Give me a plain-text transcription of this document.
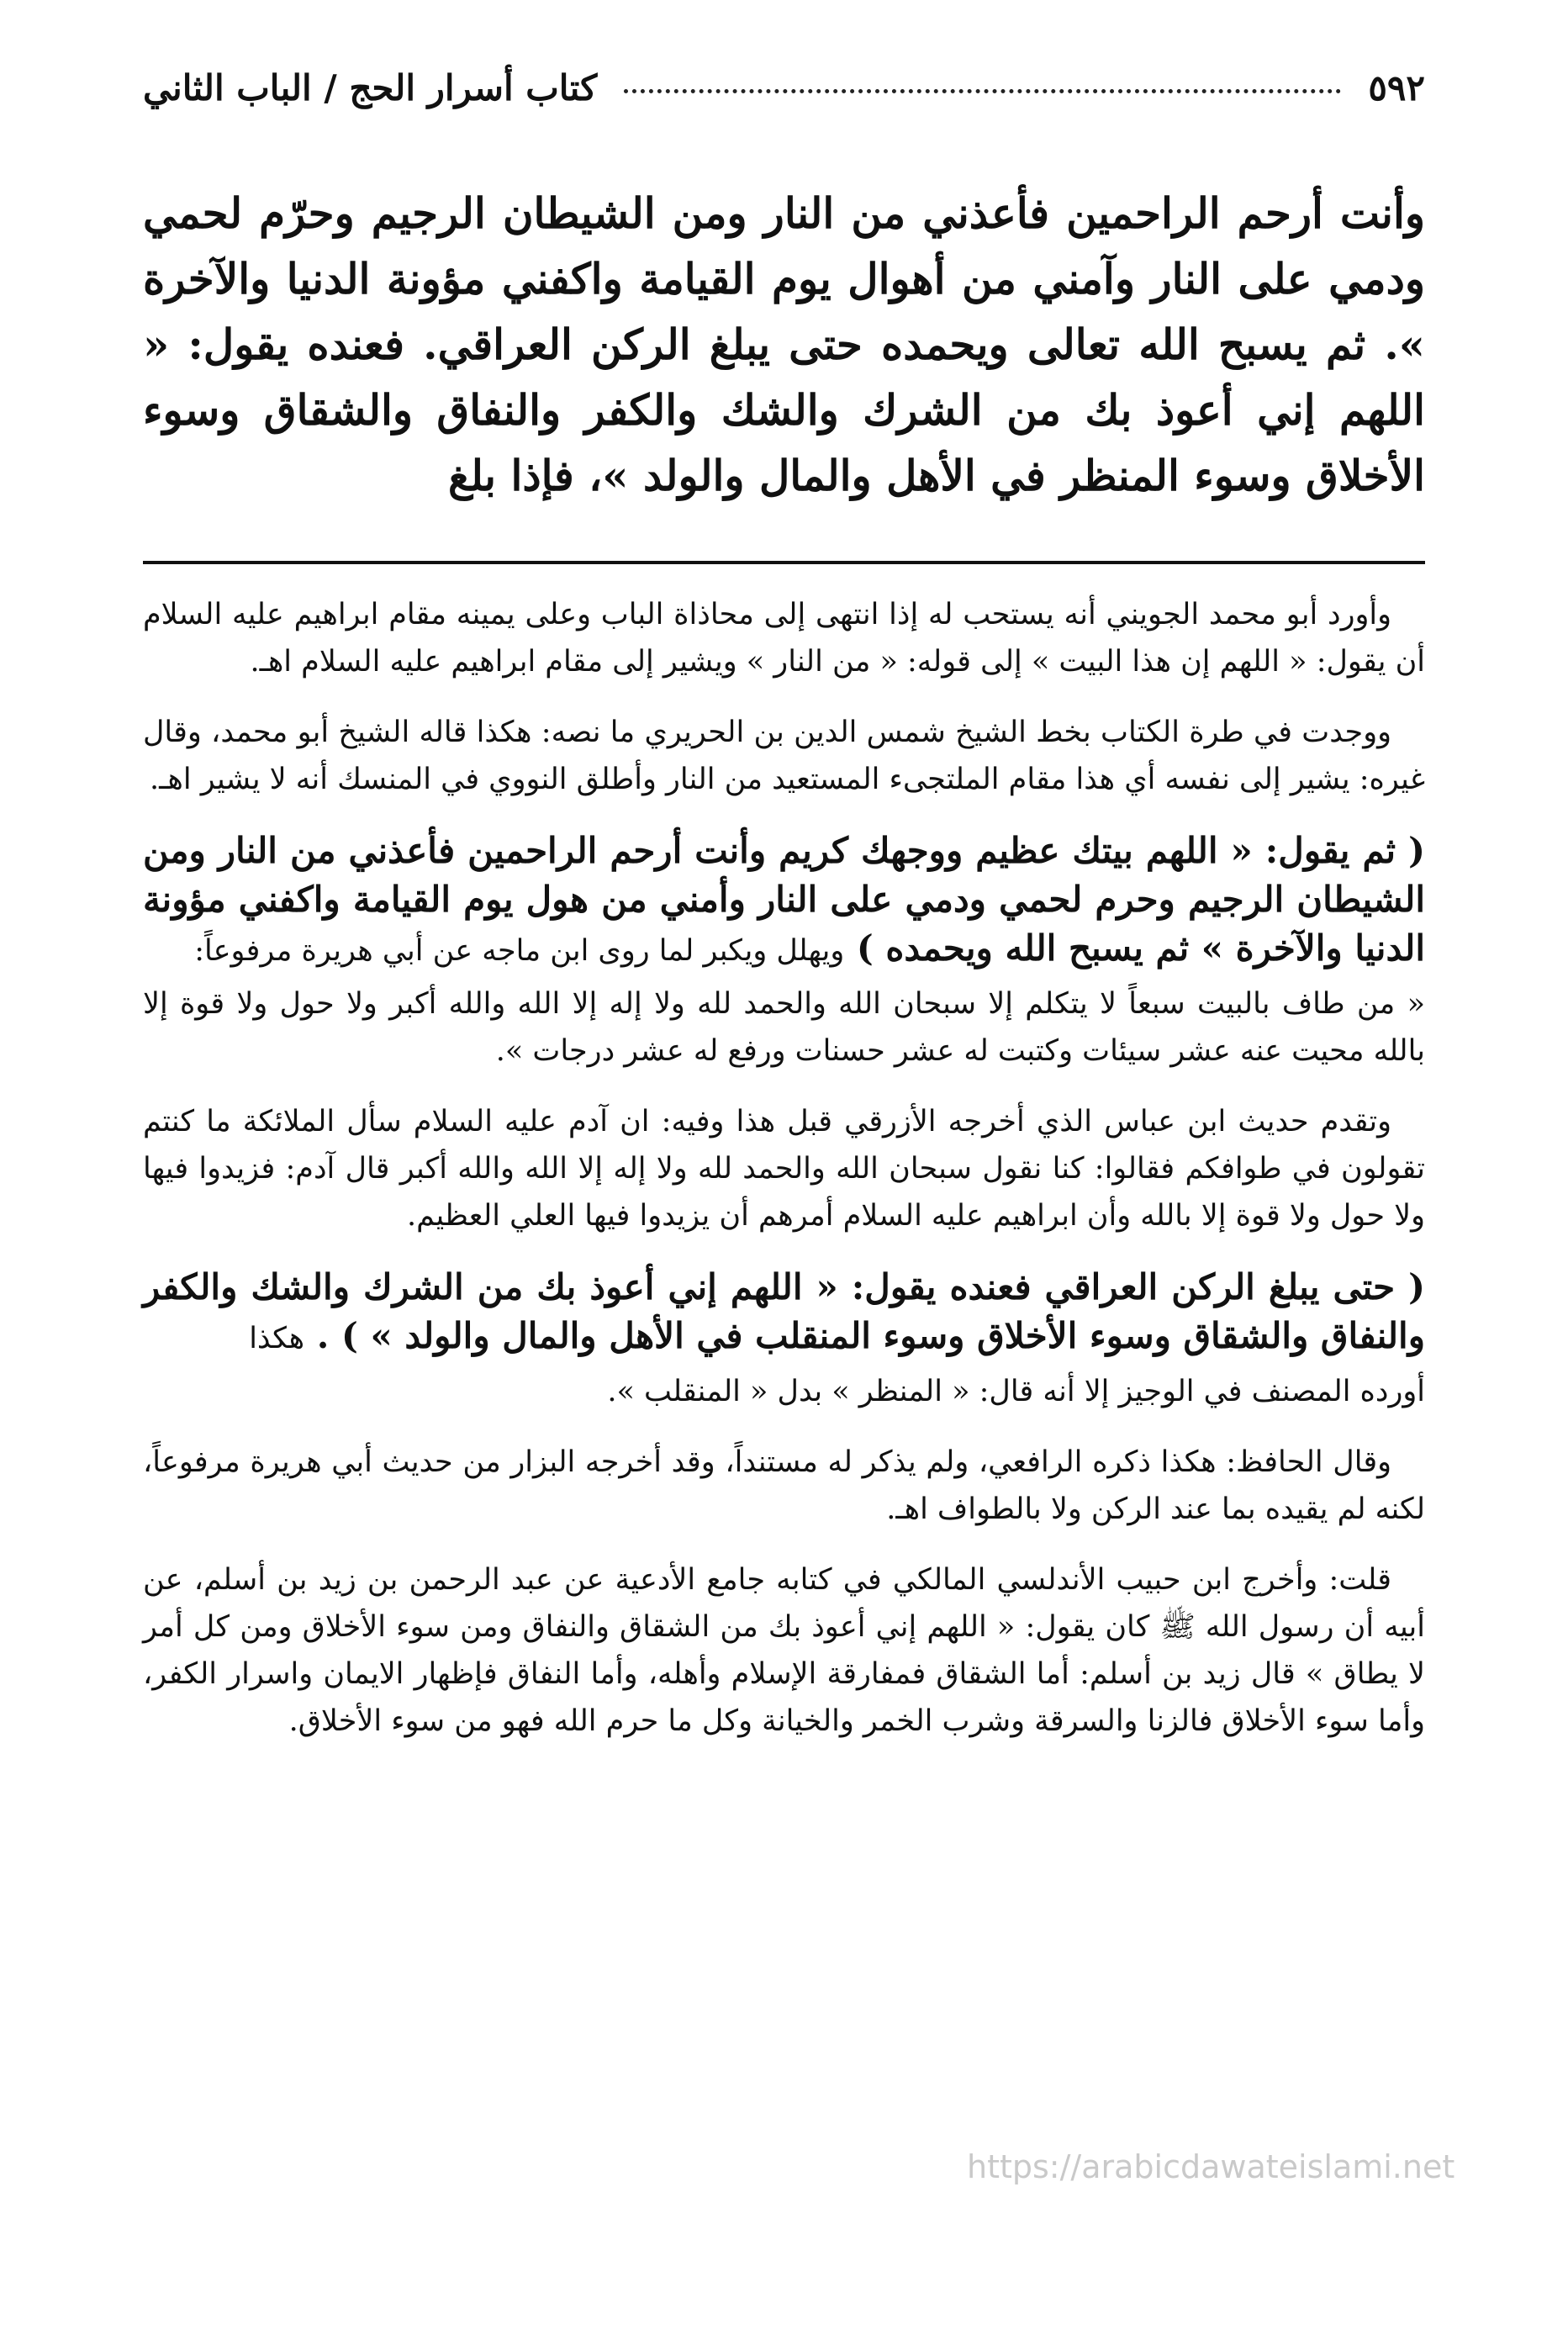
٥٩٢
كتاب أسرار الحج / الباب الثاني

وأنت أرحم الراحمين فأعذني من النار ومن الشيطان الرجيم وحرّم لحمي ودمي على النار وآمني من أهوال يوم القيامة واكفني مؤونة الدنيا والآخرة ». ثم يسبح الله تعالى ويحمده حتى يبلغ الركن العراقي. فعنده يقول: « اللهم إني أعوذ بك من الشرك والشك والكفر والنفاق والشقاق وسوء الأخلاق وسوء المنظر في الأهل والمال والولد »، فإذا بلغ

وأورد أبو محمد الجويني أنه يستحب له إذا انتهى إلى محاذاة الباب وعلى يمينه مقام ابراهيم عليه السلام أن يقول: « اللهم إن هذا البيت » إلى قوله: « من النار » ويشير إلى مقام ابراهيم عليه السلام اهـ.

ووجدت في طرة الكتاب بخط الشيخ شمس الدين بن الحريري ما نصه: هكذا قاله الشيخ أبو محمد، وقال غيره: يشير إلى نفسه أي هذا مقام الملتجىء المستعيد من النار وأطلق النووي في المنسك أنه لا يشير اهـ.

( ثم يقول: « اللهم بيتك عظيم ووجهك كريم وأنت أرحم الراحمين فأعذني من النار ومن الشيطان الرجيم وحرم لحمي ودمي على النار وأمني من هول يوم القيامة واكفني مؤونة الدنيا والآخرة » ثم يسبح الله ويحمده ) ويهلل ويكبر لما روى ابن ماجه عن أبي هريرة مرفوعاً:

« من طاف بالبيت سبعاً لا يتكلم إلا سبحان الله والحمد لله ولا إله إلا الله والله أكبر ولا حول ولا قوة إلا بالله محيت عنه عشر سيئات وكتبت له عشر حسنات ورفع له عشر درجات ».

وتقدم حديث ابن عباس الذي أخرجه الأزرقي قبل هذا وفيه: ان آدم عليه السلام سأل الملائكة ما كنتم تقولون في طوافكم فقالوا: كنا نقول سبحان الله والحمد لله ولا إله إلا الله والله أكبر قال آدم: فزيدوا فيها ولا حول ولا قوة إلا بالله وأن ابراهيم عليه السلام أمرهم أن يزيدوا فيها العلي العظيم.

( حتى يبلغ الركن العراقي فعنده يقول: « اللهم إني أعوذ بك من الشرك والشك والكفر والنفاق والشقاق وسوء الأخلاق وسوء المنقلب في الأهل والمال والولد » ) . هكذا

أورده المصنف في الوجيز إلا أنه قال: « المنظر » بدل « المنقلب ».

وقال الحافظ: هكذا ذكره الرافعي، ولم يذكر له مستنداً، وقد أخرجه البزار من حديث أبي هريرة مرفوعاً، لكنه لم يقيده بما عند الركن ولا بالطواف اهـ.

قلت: وأخرج ابن حبيب الأندلسي المالكي في كتابه جامع الأدعية عن عبد الرحمن بن زيد بن أسلم، عن أبيه أن رسول الله ﷺ كان يقول: « اللهم إني أعوذ بك من الشقاق والنفاق ومن سوء الأخلاق ومن كل أمر لا يطاق » قال زيد بن أسلم: أما الشقاق فمفارقة الإسلام وأهله، وأما النفاق فإظهار الايمان واسرار الكفر، وأما سوء الأخلاق فالزنا والسرقة وشرب الخمر والخيانة وكل ما حرم الله فهو من سوء الأخلاق.

https://arabicdawateislami.net
